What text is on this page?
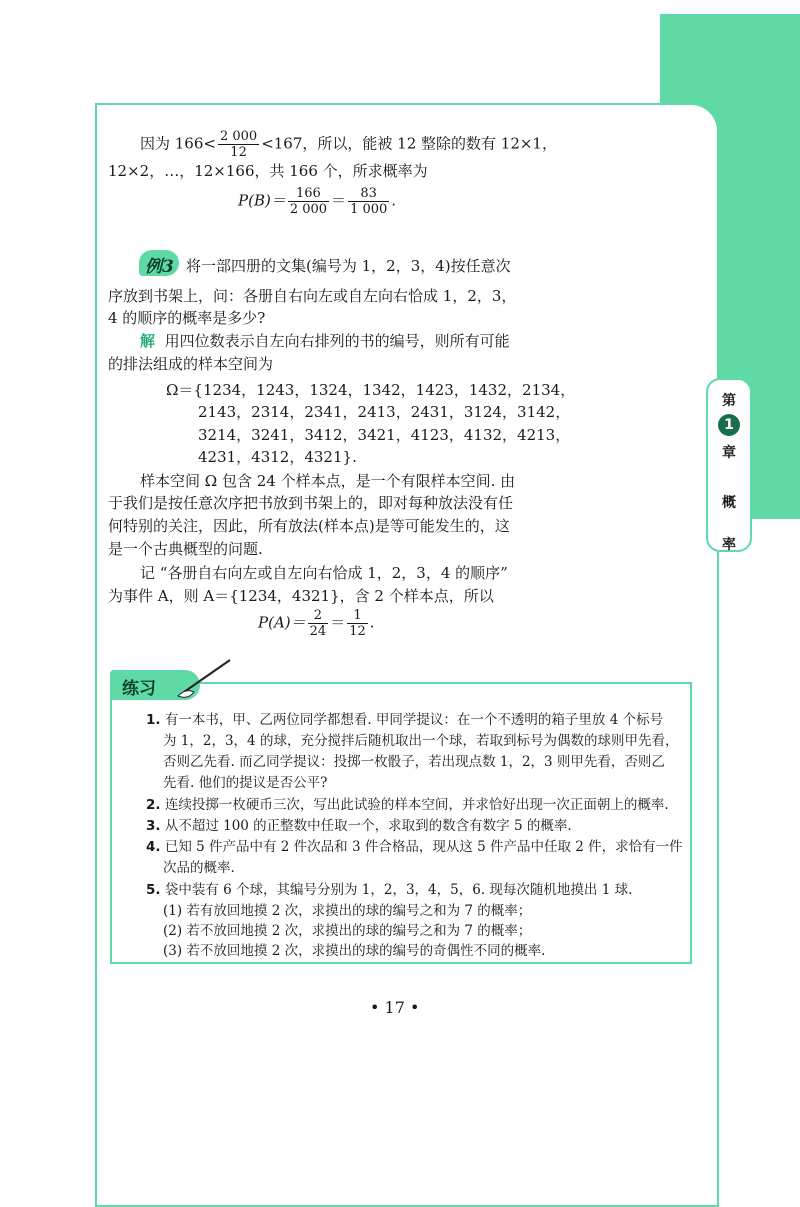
第
1
章
概
率
因为 $166< \frac{2 000}{12} <167$，所以，能被 12 整除的数有 12×1，
12×2，…，12×166，共 166 个，所求概率为
$P(B)= \frac{166}{2 000} = \frac{83}{1 000}$ .
例3 将一部四册的文集(编号为 1，2，3，4)按任意次
序放到书架上，问：各册自右向左或自左向右恰成 1，2，3，
4 的顺序的概率是多少?
解 用四位数表示自左向右排列的书的编号，则所有可能
的排法组成的样本空间为
Ω＝{1234，1243，1324，1342，1423，1432，2134，
2143，2314，2341，2413，2431，3124，3142，
3214，3241，3412，3421，4123，4132，4213，
4231，4312，4321}.
样本空间 Ω 包含 24 个样本点，是一个有限样本空间. 由
于我们是按任意次序把书放到书架上的，即对每种放法没有任
何特别的关注，因此，所有放法(样本点)是等可能发生的，这
是一个古典概型的问题.
记 “各册自右向左或自左向右恰成 1，2，3，4 的顺序”
为事件 A，则 A＝{1234，4321}，含 2 个样本点，所以
$P(A)= \frac{2}{24} = \frac{1}{12}$ .
练习
1. 有一本书，甲、乙两位同学都想看. 甲同学提议：在一个不透明的箱子里放 4 个标号
为 1，2，3，4 的球，充分搅拌后随机取出一个球，若取到标号为偶数的球则甲先看，
否则乙先看. 而乙同学提议：投掷一枚骰子，若出现点数 1，2，3 则甲先看，否则乙
先看. 他们的提议是否公平?
2. 连续投掷一枚硬币三次，写出此试验的样本空间，并求恰好出现一次正面朝上的概率.
3. 从不超过 100 的正整数中任取一个，求取到的数含有数字 5 的概率.
4. 已知 5 件产品中有 2 件次品和 3 件合格品，现从这 5 件产品中任取 2 件，求恰有一件
次品的概率.
5. 袋中装有 6 个球，其编号分别为 1，2，3，4，5，6. 现每次随机地摸出 1 球.
(1) 若有放回地摸 2 次，求摸出的球的编号之和为 7 的概率；
(2) 若不放回地摸 2 次，求摸出的球的编号之和为 7 的概率；
(3) 若不放回地摸 2 次，求摸出的球的编号的奇偶性不同的概率.
• 17 •
